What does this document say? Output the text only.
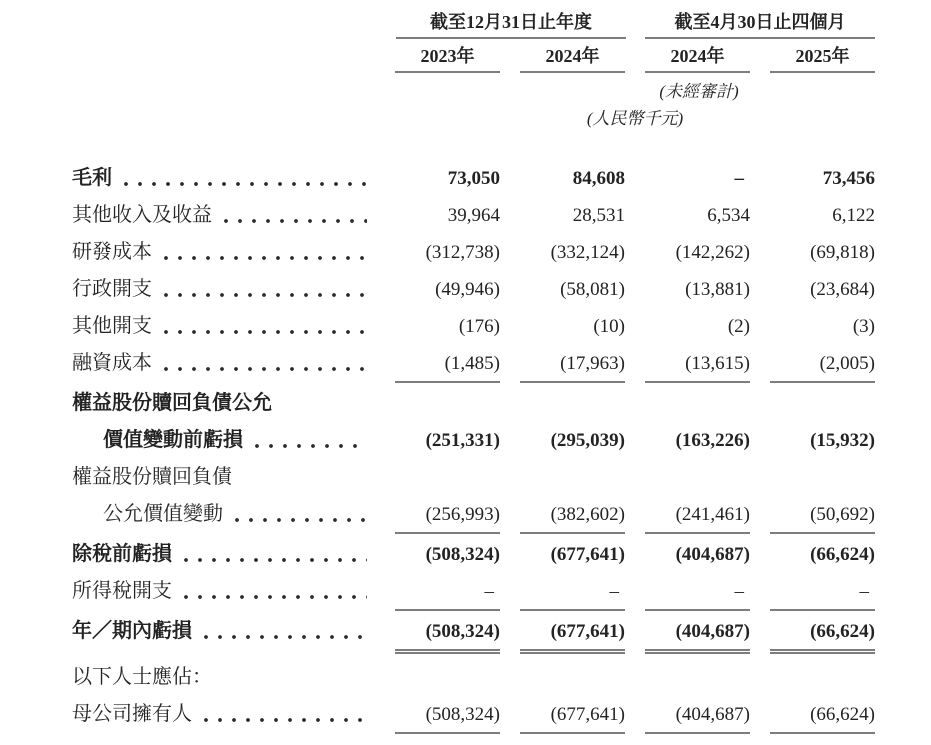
截至12月31日止年度	截至4月30日止四個月
2023年	2024年	2024年	2025年
(未經審計)
(人民幣千元)
毛利	73,050	84,608	–	73,456
其他收入及收益	39,964	28,531	6,534	6,122
研發成本	(312,738)	(332,124)	(142,262)	(69,818)
行政開支	(49,946)	(58,081)	(13,881)	(23,684)
其他開支	(176)	(10)	(2)	(3)
融資成本	(1,485)	(17,963)	(13,615)	(2,005)
權益股份贖回負債公允
價值變動前虧損	(251,331)	(295,039)	(163,226)	(15,932)
權益股份贖回負債
公允價值變動	(256,993)	(382,602)	(241,461)	(50,692)
除稅前虧損	(508,324)	(677,641)	(404,687)	(66,624)
所得稅開支	–	–	–	–
年／期內虧損	(508,324)	(677,641)	(404,687)	(66,624)
以下人士應佔：
母公司擁有人	(508,324)	(677,641)	(404,687)	(66,624)
